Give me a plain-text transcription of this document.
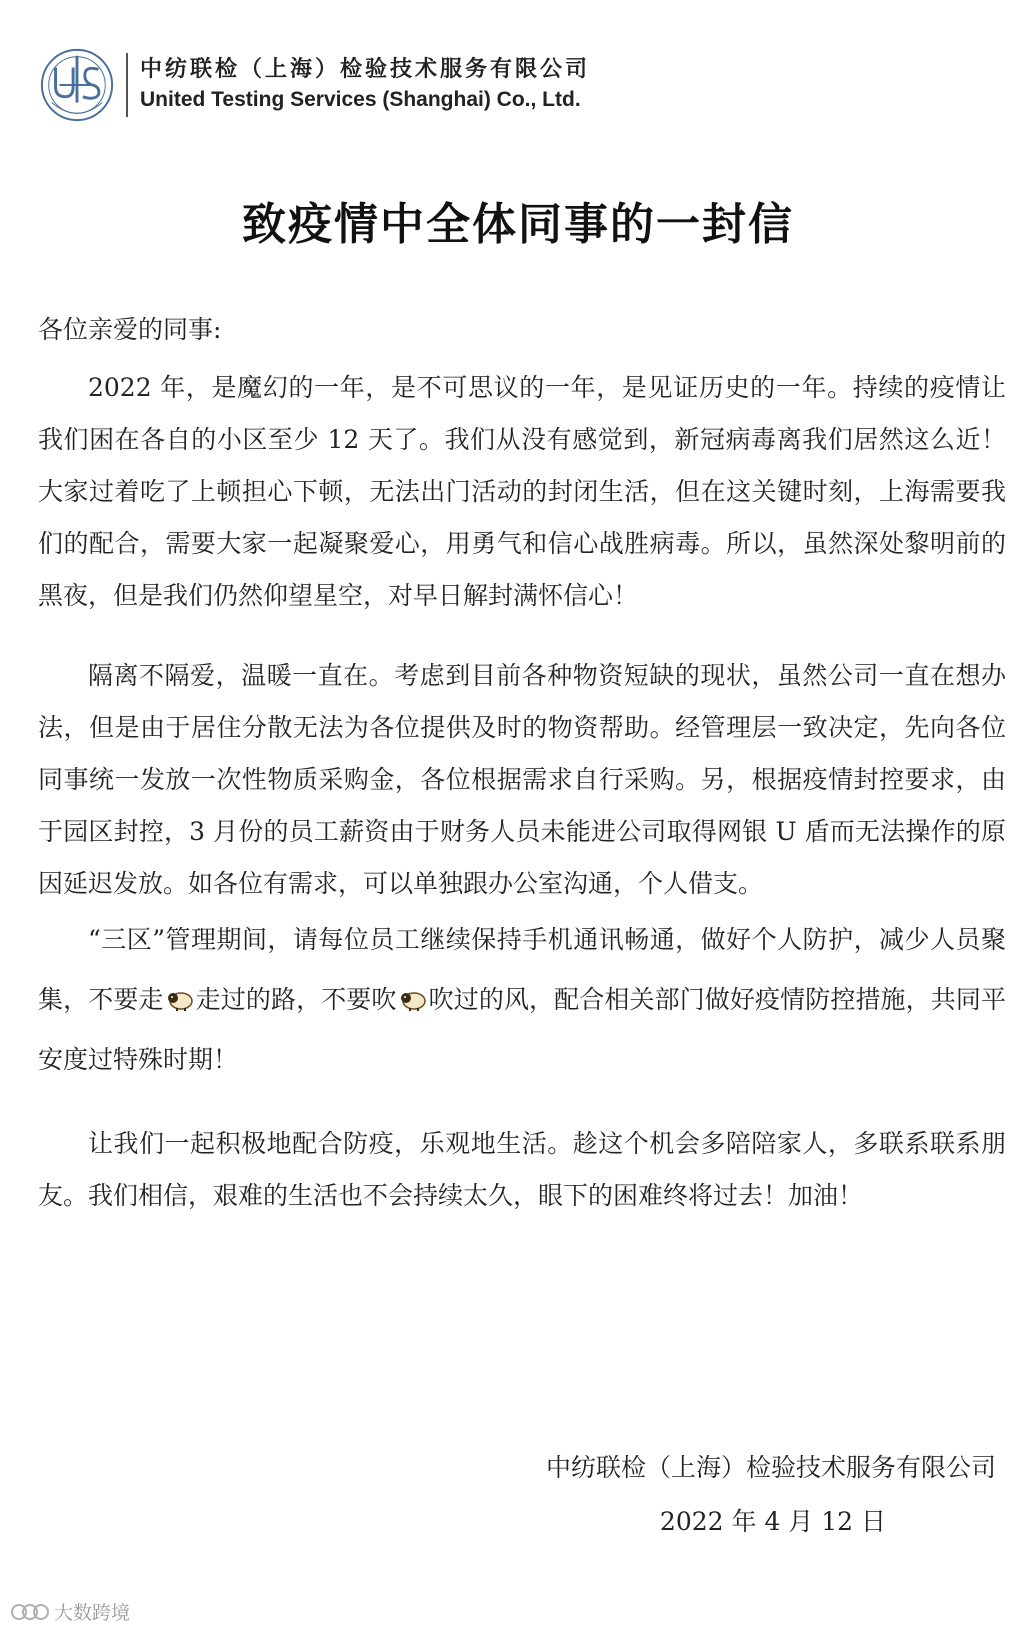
中纺联检（上海）检验技术服务有限公司
United Testing Services (Shanghai) Co., Ltd.
致疫情中全体同事的一封信
各位亲爱的同事:

2022 年，是魔幻的一年，是不可思议的一年，是见证历史的一年。持续的疫情让我们困在各自的小区至少 12 天了。我们从没有感觉到，新冠病毒离我们居然这么近！大家过着吃了上顿担心下顿，无法出门活动的封闭生活，但在这关键时刻，上海需要我们的配合，需要大家一起凝聚爱心，用勇气和信心战胜病毒。所以，虽然深处黎明前的黑夜，但是我们仍然仰望星空，对早日解封满怀信心！

隔离不隔爱，温暖一直在。考虑到目前各种物资短缺的现状，虽然公司一直在想办法，但是由于居住分散无法为各位提供及时的物资帮助。经管理层一致决定，先向各位同事统一发放一次性物质采购金，各位根据需求自行采购。另，根据疫情封控要求，由于园区封控，3 月份的员工薪资由于财务人员未能进公司取得网银 U 盾而无法操作的原因延迟发放。如各位有需求，可以单独跟办公室沟通，个人借支。

“三区”管理期间，请每位员工继续保持手机通讯畅通，做好个人防护，减少人员聚集，不要走 走过的路，不要吹 吹过的风，配合相关部门做好疫情防控措施，共同平安度过特殊时期！

让我们一起积极地配合防疫，乐观地生活。趁这个机会多陪陪家人，多联系联系朋友。我们相信，艰难的生活也不会持续太久，眼下的困难终将过去！加油！

中纺联检（上海）检验技术服务有限公司
2022 年 4 月 12 日
大数跨境
